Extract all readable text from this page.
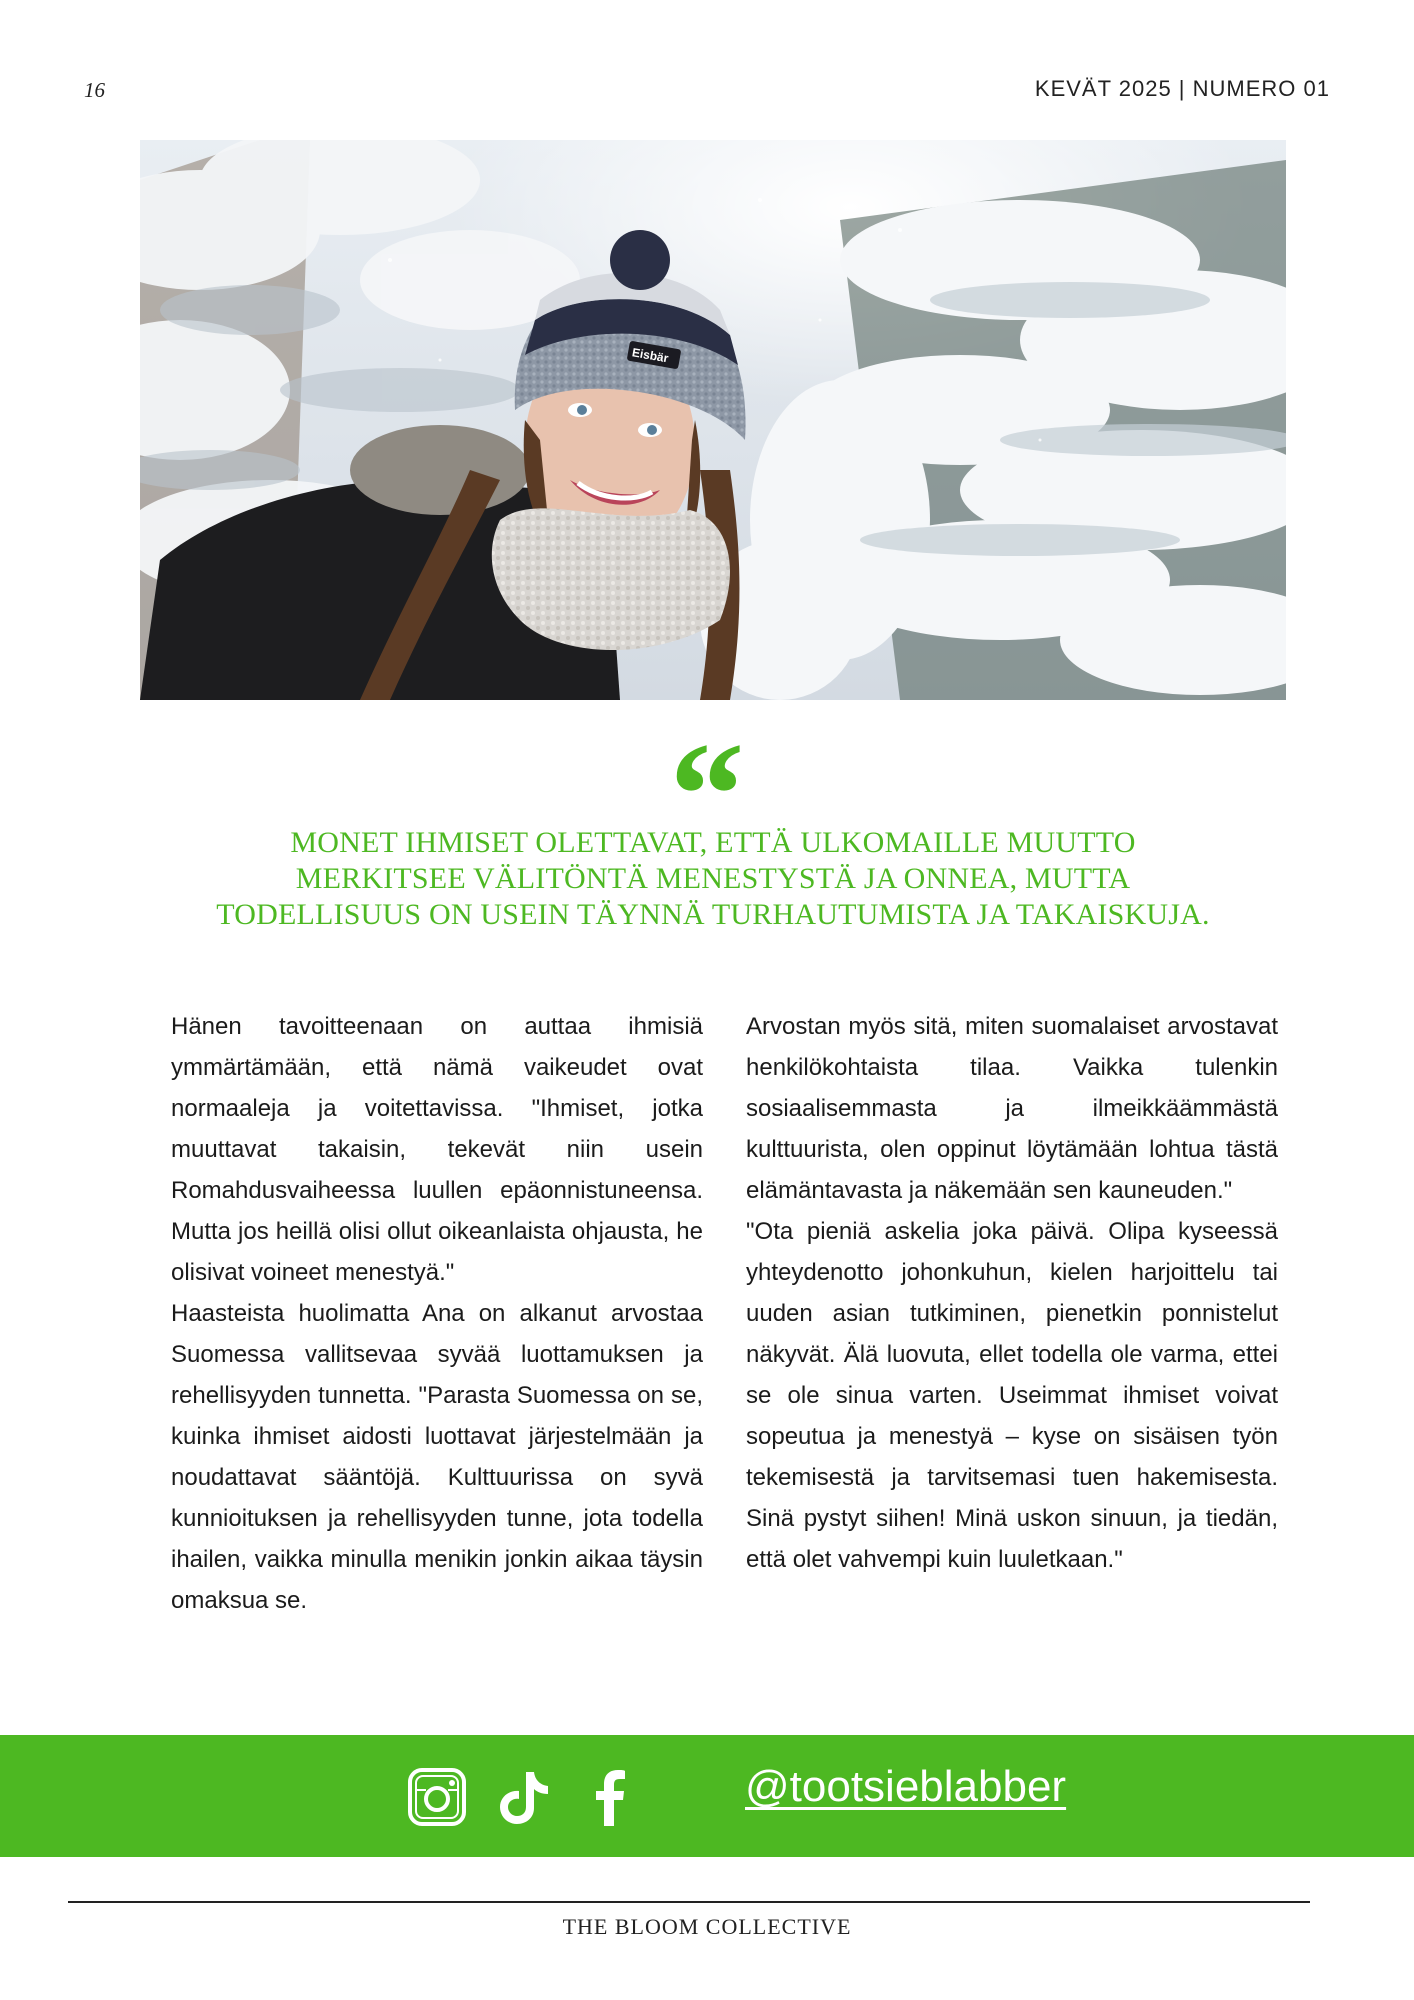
16	KEVÄT 2025 | NUMERO 01
Eisbär
“
MONET IHMISET OLETTAVAT, ETTÄ ULKOMAILLE MUUTTO
MERKITSEE VÄLITÖNTÄ MENESTYSTÄ JA ONNEA, MUTTA
TODELLISUUS ON USEIN TÄYNNÄ TURHAUTUMISTA JA TAKAISKUJA.

Hänen tavoitteenaan on auttaa ihmisiä ymmärtämään, että nämä vaikeudet ovat normaaleja ja voitettavissa. "Ihmiset, jotka muuttavat takaisin, tekevät niin usein Romahdusvaiheessa luullen epäonnistuneensa. Mutta jos heillä olisi ollut oikeanlaista ohjausta, he olisivat voineet menestyä."

Haasteista huolimatta Ana on alkanut arvostaa Suomessa vallitsevaa syvää luottamuksen ja rehellisyyden tunnetta. "Parasta Suomessa on se, kuinka ihmiset aidosti luottavat järjestelmään ja noudattavat sääntöjä. Kulttuurissa on syvä kunnioituksen ja rehellisyyden tunne, jota todella ihailen, vaikka minulla menikin jonkin aikaa täysin omaksua se.

Arvostan myös sitä, miten suomalaiset arvostavat henkilökohtaista tilaa. Vaikka tulenkin sosiaalisemmasta ja ilmeikkäämmästä kulttuurista, olen oppinut löytämään lohtua tästä elämäntavasta ja näkemään sen kauneuden."

"Ota pieniä askelia joka päivä. Olipa kyseessä yhteydenotto johonkuhun, kielen harjoittelu tai uuden asian tutkiminen, pienetkin ponnistelut näkyvät. Älä luovuta, ellet todella ole varma, ettei se ole sinua varten. Useimmat ihmiset voivat sopeutua ja menestyä – kyse on sisäisen työn tekemisestä ja tarvitsemasi tuen hakemisesta. Sinä pystyt siihen! Minä uskon sinuun, ja tiedän, että olet vahvempi kuin luuletkaan."

@tootsieblabber
THE BLOOM COLLECTIVE
